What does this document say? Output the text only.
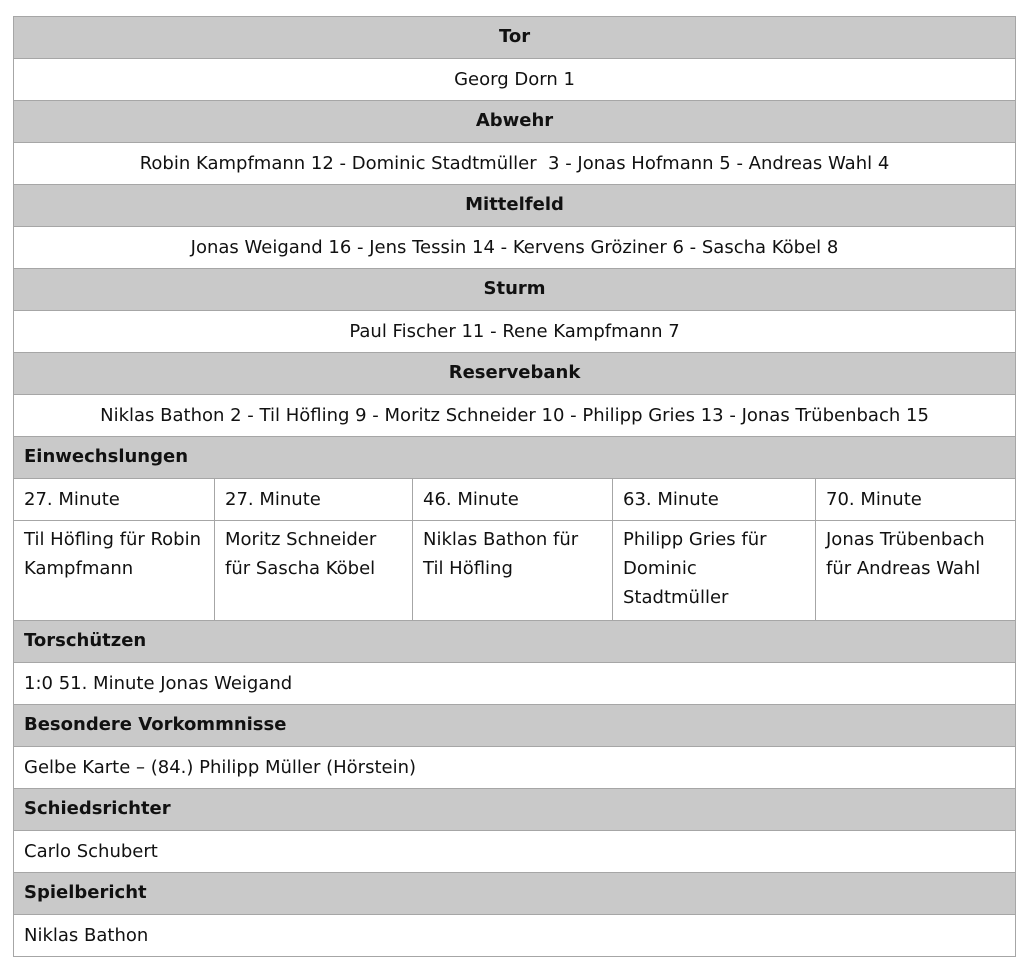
Tor				
Georg Dorn 1				
Abwehr				
Robin Kampfmann 12 - Dominic Stadtmüller  3 - Jonas Hofmann 5 - Andreas Wahl 4				
Mittelfeld				
Jonas Weigand 16 - Jens Tessin 14 - Kervens Gröziner 6 - Sascha Köbel 8				
Sturm				
Paul Fischer 11 - Rene Kampfmann 7				
Reservebank				
Niklas Bathon 2 - Til Höfling 9 - Moritz Schneider 10 - Philipp Gries 13 - Jonas Trübenbach 15				
Einwechslungen				
27. Minute	27. Minute	46. Minute	63. Minute	70. Minute
Til Höfling für Robin Kampfmann	Moritz Schneider für Sascha Köbel	Niklas Bathon für Til Höfling	Philipp Gries für Dominic Stadtmüller	Jonas Trübenbach für Andreas Wahl
Torschützen				
1:0 51. Minute Jonas Weigand				
Besondere Vorkommnisse				
Gelbe Karte – (84.) Philipp Müller (Hörstein)				
Schiedsrichter				
Carlo Schubert				
Spielbericht				
Niklas Bathon				
